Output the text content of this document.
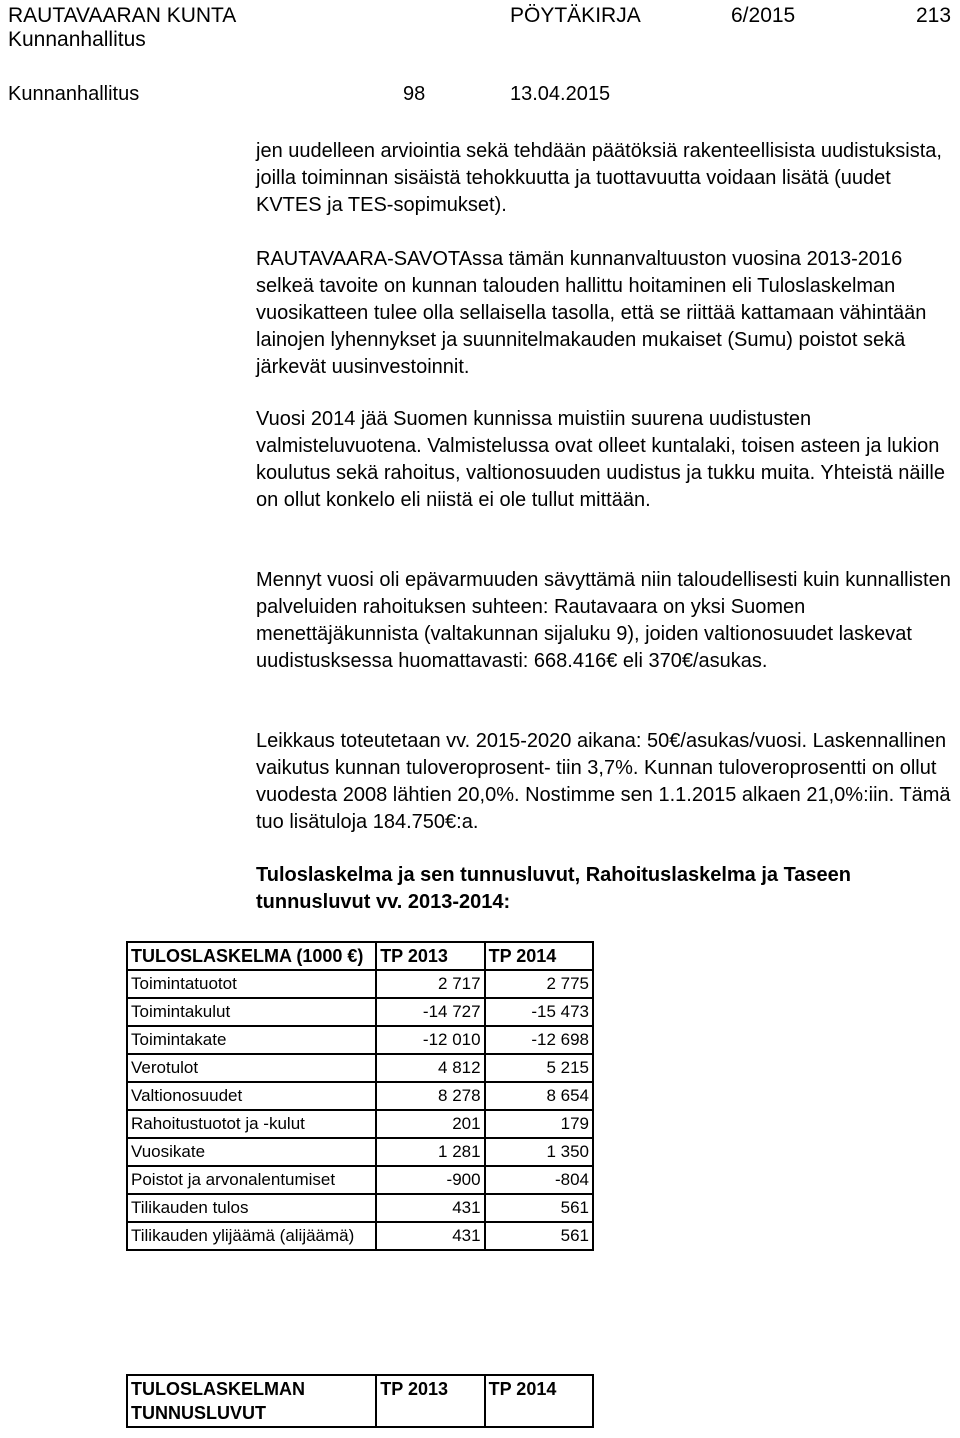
RAUTAVAARAN KUNTA	PÖYTÄKIRJA	6/2015	213
Kunnanhallitus
Kunnanhallitus	98	13.04.2015

jen uudelleen arviointia sekä tehdään päätöksiä rakenteellisista uudistuksista, joilla toiminnan sisäistä tehokkuutta ja tuottavuutta voidaan lisätä (uudet KVTES ja TES-sopimukset).

RAUTAVAARA-SAVOTAssa tämän kunnanvaltuuston vuosina 2013-2016 selkeä tavoite on kunnan talouden hallittu hoitaminen eli Tuloslaskelman vuosikatteen tulee olla sellaisella tasolla, että se riittää kattamaan vähintään lainojen lyhennykset ja suunnitelmakauden mukaiset (Sumu) poistot sekä järkevät uusinvestoinnit.

Vuosi 2014 jää Suomen kunnissa muistiin suurena uudistusten valmisteluvuotena. Valmistelussa ovat olleet kuntalaki, toisen asteen ja lukion koulutus sekä rahoitus, valtionosuuden uudistus ja tukku muita. Yhteistä näille on ollut konkelo eli niistä ei ole tullut mittään.

Mennyt vuosi oli epävarmuuden sävyttämä niin taloudellisesti kuin kunnallisten palveluiden rahoituksen suhteen: Rautavaara on yksi Suomen menettäjäkunnista (valtakunnan sijaluku 9), joiden valtionosuudet laskevat uudistusksessa huomattavasti: 668.416€ eli 370€/asukas.

Leikkaus toteutetaan vv. 2015-2020 aikana: 50€/asukas/vuosi. Laskennallinen vaikutus kunnan tuloveroprosent- tiin 3,7%. Kunnan tuloveroprosentti on ollut vuodesta 2008 lähtien 20,0%. Nostimme sen 1.1.2015 alkaen 21,0%:iin. Tämä tuo lisätuloja 184.750€:a.

Tuloslaskelma ja sen tunnusluvut, Rahoituslaskelma ja Taseen tunnusluvut vv. 2013-2014:

TULOSLASKELMA (1000 €)	TP 2013	TP 2014
Toimintatuotot	2 717	2 775
Toimintakulut	-14 727	-15 473
Toimintakate	-12 010	-12 698
Verotulot	4 812	5 215
Valtionosuudet	8 278	8 654
Rahoitustuotot ja -kulut	201	179
Vuosikate	1 281	1 350
Poistot ja arvonalentumiset	-900	-804
Tilikauden tulos	431	561
Tilikauden ylijäämä (alijäämä)	431	561
TULOSLASKELMAN TUNNUSLUVUT	TP 2013	TP 2014
